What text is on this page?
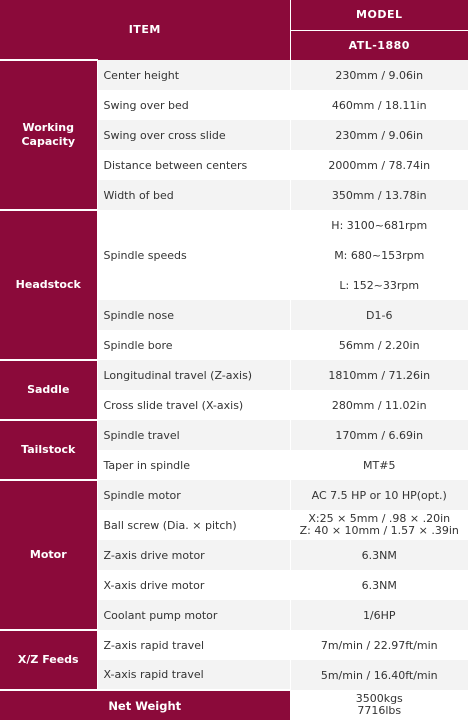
ITEM		MODEL
		ATL-1880

Working
Capacity	Center height	230mm / 9.06in
	Swing over bed	460mm / 18.11in
	Swing over cross slide	230mm / 9.06in
	Distance between centers	2000mm / 78.74in
	Width of bed	350mm / 13.78in
Headstock	Spindle speeds	H: 3100~681rpm
		M: 680~153rpm
		L: 152~33rpm
	Spindle nose	D1-6
	Spindle bore	56mm / 2.20in
Saddle	Longitudinal travel (Z-axis)	1810mm / 71.26in
	Cross slide travel (X-axis)	280mm / 11.02in
Tailstock	Spindle travel	170mm / 6.69in
	Taper in spindle	MT#5
Motor	Spindle motor	AC 7.5 HP or 10 HP(opt.)
	Ball screw (Dia. × pitch)	X:25 × 5mm / .98 × .20in
Z: 40 × 10mm / 1.57 × .39in

	Z-axis drive motor	6.3NM
	X-axis drive motor	6.3NM
	Coolant pump motor	1/6HP
X/Z Feeds	Z-axis rapid travel	7m/min / 22.97ft/min
	X-axis rapid travel	5m/min / 16.40ft/min
Net Weight		3500kgs
7716lbs
